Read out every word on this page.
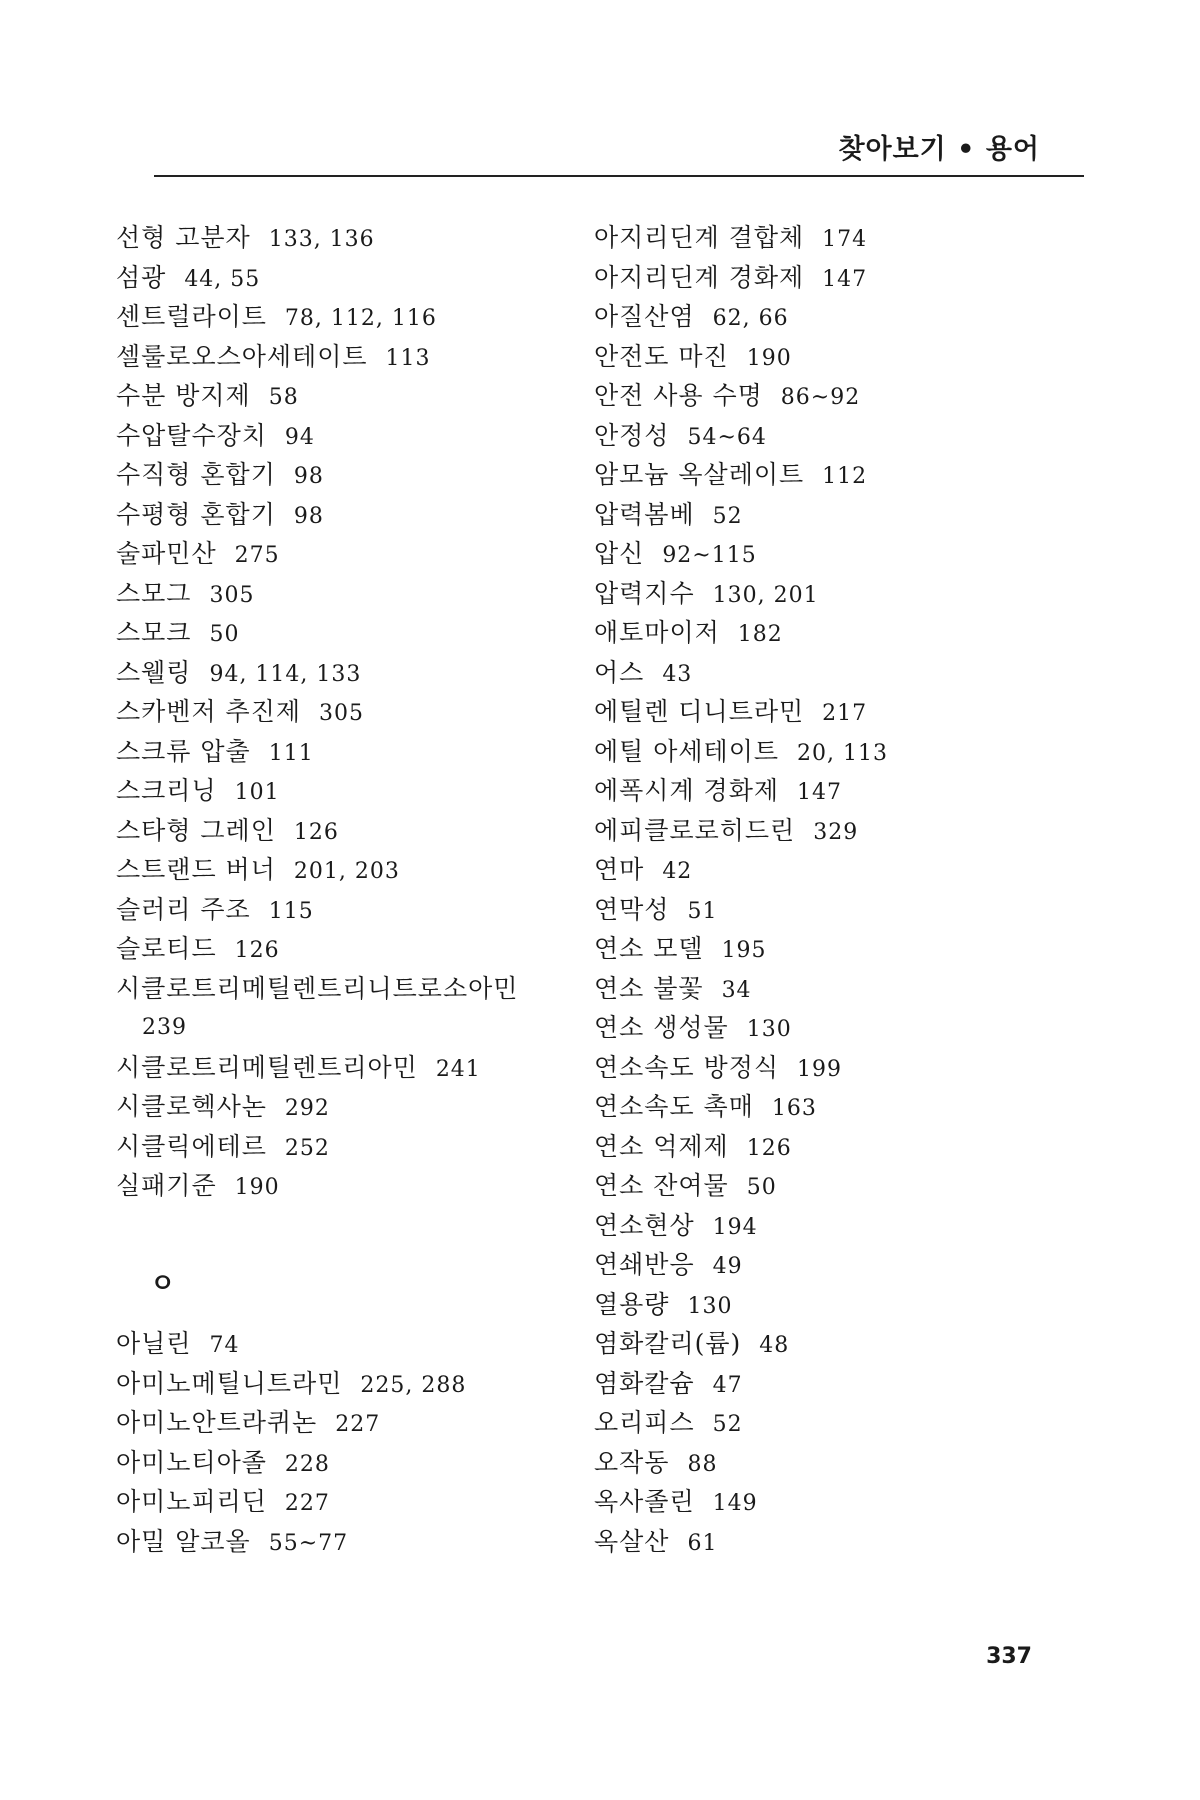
찾아보기 • 용어
선형 고분자 133, 136
섬광 44, 55
센트럴라이트 78, 112, 116
셀룰로오스아세테이트 113
수분 방지제 58
수압탈수장치 94
수직형 혼합기 98
수평형 혼합기 98
술파민산 275
스모그 305
스모크 50
스웰링 94, 114, 133
스카벤저 추진제 305
스크류 압출 111
스크리닝 101
스타형 그레인 126
스트랜드 버너 201, 203
슬러리 주조 115
슬로티드 126
시클로트리메틸렌트리니트로소아민
239
시클로트리메틸렌트리아민 241
시클로헥사논 292
시클릭에테르 252
실패기준 190
ㅇ
아닐린 74
아미노메틸니트라민 225, 288
아미노안트라퀴논 227
아미노티아졸 228
아미노피리딘 227
아밀 알코올 55~77
아지리딘계 결합체 174
아지리딘계 경화제 147
아질산염 62, 66
안전도 마진 190
안전 사용 수명 86~92
안정성 54~64
암모늄 옥살레이트 112
압력봄베 52
압신 92~115
압력지수 130, 201
애토마이저 182
어스 43
에틸렌 디니트라민 217
에틸 아세테이트 20, 113
에폭시계 경화제 147
에피클로로히드린 329
연마 42
연막성 51
연소 모델 195
연소 불꽃 34
연소 생성물 130
연소속도 방정식 199
연소속도 촉매 163
연소 억제제 126
연소 잔여물 50
연소현상 194
연쇄반응 49
열용량 130
염화칼리(륨) 48
염화칼슘 47
오리피스 52
오작동 88
옥사졸린 149
옥살산 61
337
